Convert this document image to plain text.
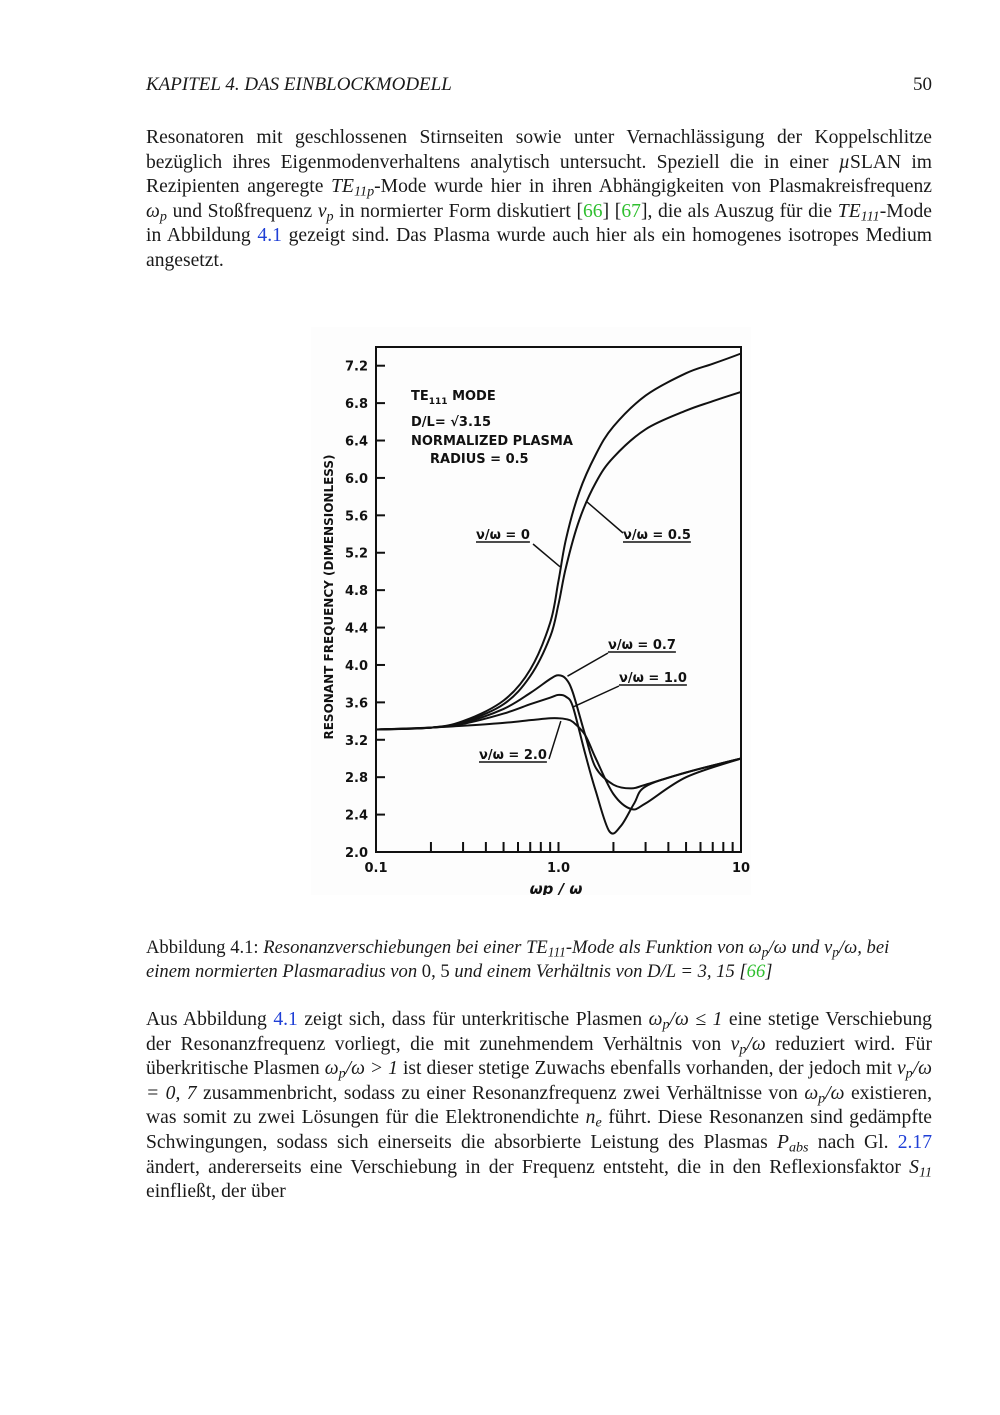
KAPITEL 4. DAS EINBLOCKMODELL	50
Resonatoren mit geschlossenen Stirnseiten sowie unter Vernachlässigung der Koppelschlitze bezüglich ihres Eigenmodenverhaltens analytisch untersucht. Speziell die in einer µSLAN im Rezipienten angeregte $TE_{11p}$-Mode wurde hier in ihren Abhängigkeiten von Plasmakreisfrequenz $\omega_p$ und Stoßfrequenz $\nu_p$ in normierter Form diskutiert [66] [67], die als Auszug für die $TE_{111}$-Mode in Abbildung 4.1 gezeigt sind. Das Plasma wurde auch hier als ein homogenes isotropes Medium angesetzt.
2.0
2.4
2.8
3.2
3.6
4.0
4.4
4.8
5.2
5.6
6.0
6.4
6.8
7.2
0.1	1.0	10
ωp / ω
RESONANT FREQUENCY (DIMENSIONLESS)
$TE_{111}$ MODE
D/L= √3.15
NORMALIZED PLASMA
RADIUS = 0.5
ν/ω = 0	ν/ω = 0.5
ν/ω = 0.7
ν/ω = 1.0
ν/ω = 2.0
Abbildung 4.1: Resonanzverschiebungen bei einer $TE_{111}$-Mode als Funktion von $\omega_p/\omega$ und $\nu_p/\omega$, bei einem normierten Plasmaradius von 0, 5 und einem Verhältnis von D/L = 3, 15 [66]
Aus Abbildung 4.1 zeigt sich, dass für unterkritische Plasmen $\omega_p/\omega \le 1$ eine stetige Verschiebung der Resonanzfrequenz vorliegt, die mit zunehmendem Verhältnis von $\nu_p/\omega$ reduziert wird. Für überkritische Plasmen $\omega_p/\omega > 1$ ist dieser stetige Zuwachs ebenfalls vorhanden, der jedoch mit $\nu_p/\omega = 0$, 7 zusammenbricht, sodass zu einer Resonanzfrequenz zwei Verhältnisse von $\omega_p/\omega$ existieren, was somit zu zwei Lösungen für die Elektronendichte $n_e$ führt. Diese Resonanzen sind gedämpfte Schwingungen, sodass sich einerseits die absorbierte Leistung des Plasmas $P_{abs}$ nach Gl. 2.17 ändert, andererseits eine Verschiebung in der Frequenz entsteht, die in den Reflexionsfaktor $S_{11}$ einfließt, der über
